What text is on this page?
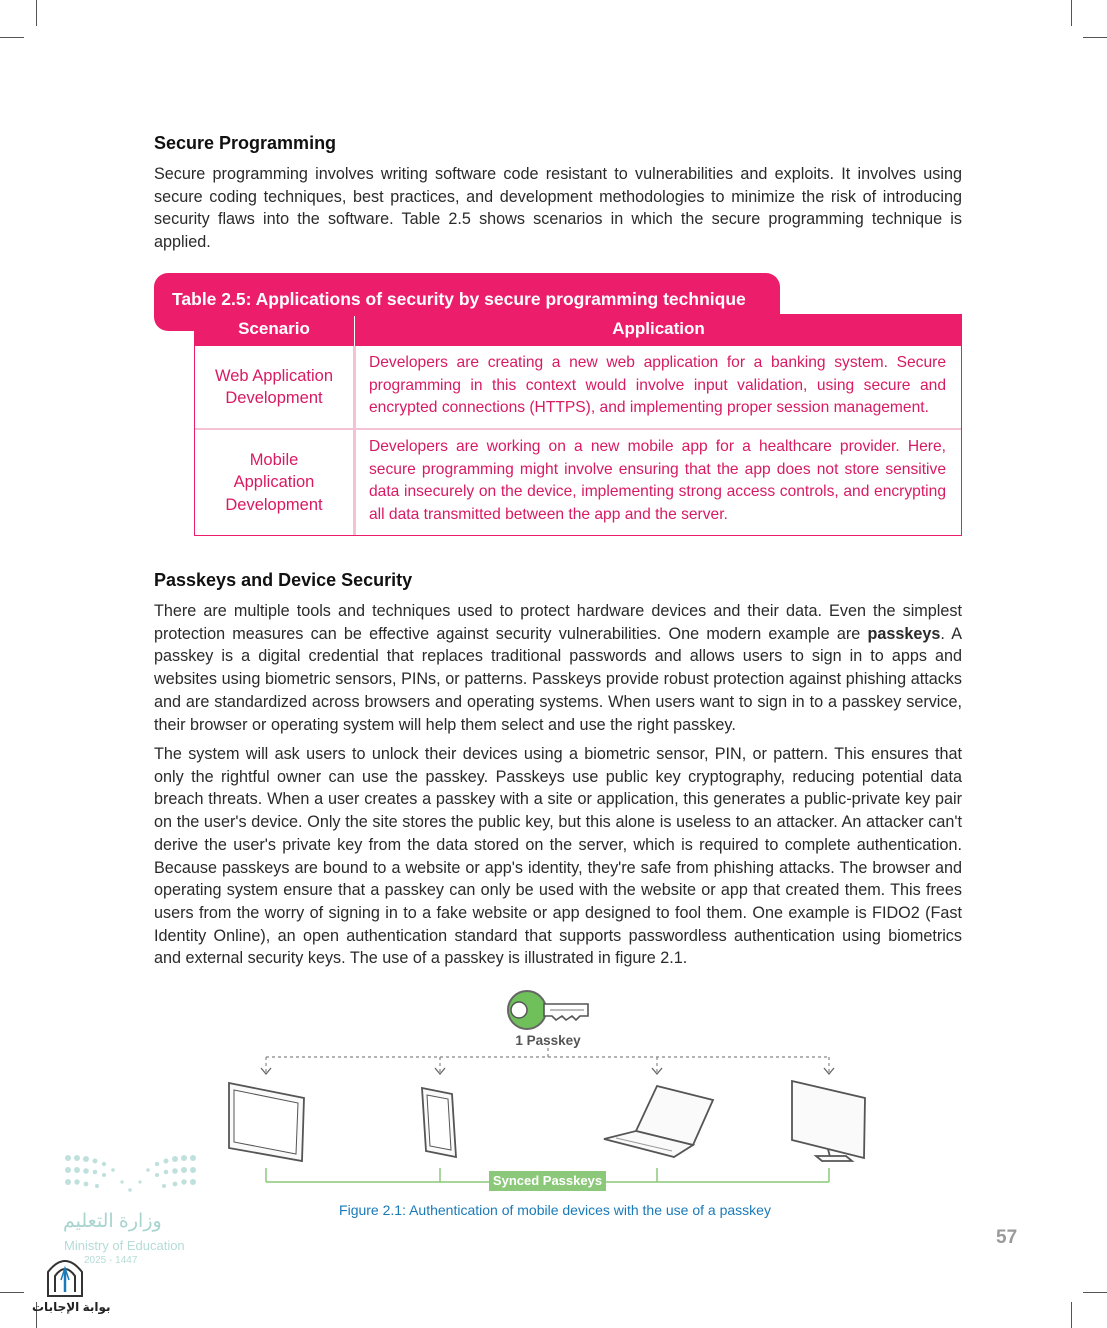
Secure Programming

Secure programming involves writing software code resistant to vulnerabilities and exploits. It involves using secure coding techniques, best practices, and development methodologies to minimize the risk of introducing security flaws into the software. Table 2.5 shows scenarios in which the secure programming technique is applied.

Table 2.5: Applications of security by secure programming technique
Scenario	Application
Web Application Development
Developers are creating a new web application for a banking system. Secure programming in this context would involve input validation, using secure and encrypted connections (HTTPS), and implementing proper session management.
Mobile Application Development
Developers are working on a new mobile app for a healthcare provider. Here, secure programming might involve ensuring that the app does not store sensitive data insecurely on the device, implementing strong access controls, and encrypting all data transmitted between the app and the server.
Passkeys and Device Security

There are multiple tools and techniques used to protect hardware devices and their data. Even the simplest protection measures can be effective against security vulnerabilities. One modern example are passkeys. A passkey is a digital credential that replaces traditional passwords and allows users to sign in to apps and websites using biometric sensors, PINs, or patterns. Passkeys provide robust protection against phishing attacks and are standardized across browsers and operating systems. When users want to sign in to a passkey service, their browser or operating system will help them select and use the right passkey.

The system will ask users to unlock their devices using a biometric sensor, PIN, or pattern. This ensures that only the rightful owner can use the passkey. Passkeys use public key cryptography, reducing potential data breach threats. When a user creates a passkey with a site or application, this generates a public-private key pair on the user's device. Only the site stores the public key, but this alone is useless to an attacker. An attacker can't derive the user's private key from the data stored on the server, which is required to complete authentication. Because passkeys are bound to a website or app's identity, they're safe from phishing attacks. The browser and operating system ensure that a passkey can only be used with the website or app that created them. This frees users from the worry of signing in to a fake website or app designed to fool them. One example is FIDO2 (Fast Identity Online), an open authentication standard that supports passwordless authentication using biometrics and external security keys. The use of a passkey is illustrated in figure 2.1.

1 Passkey
Synced Passkeys
Figure 2.1: Authentication of mobile devices with the use of a passkey
وزارة التعليم
Ministry of Education
2025 - 1447
بوابة الإجابات
57
